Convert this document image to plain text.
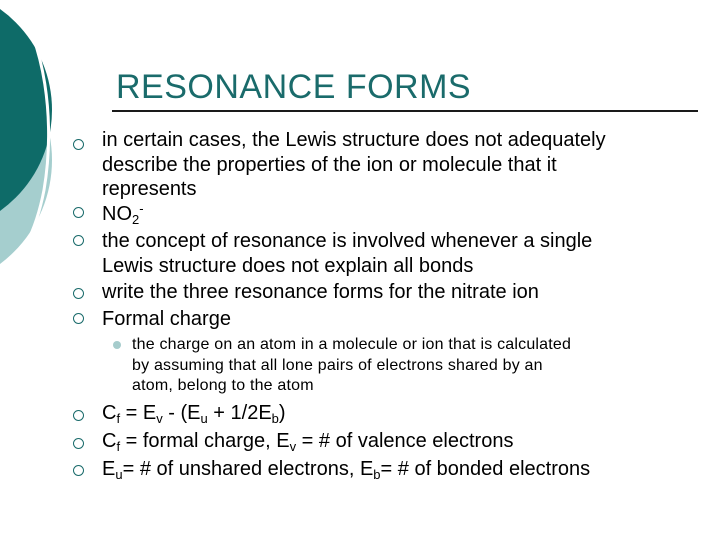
RESONANCE FORMS
in certain cases, the Lewis structure does not adequately
describe the properties of the ion or molecule that it
represents
$NO_2^-$
the concept of resonance is involved whenever a single
Lewis structure does not explain all bonds
write the three resonance forms for the nitrate ion
Formal charge
the charge on an atom in a molecule or ion that is calculated
by assuming that all lone pairs of electrons shared by an
atom, belong to the atom
$C_f = E_v - (E_u + 1/2E_b)$
$C_f$ = formal charge, $E_v$ = # of valence electrons
$E_u=$ # of unshared electrons, $E_b=$ # of bonded electrons
